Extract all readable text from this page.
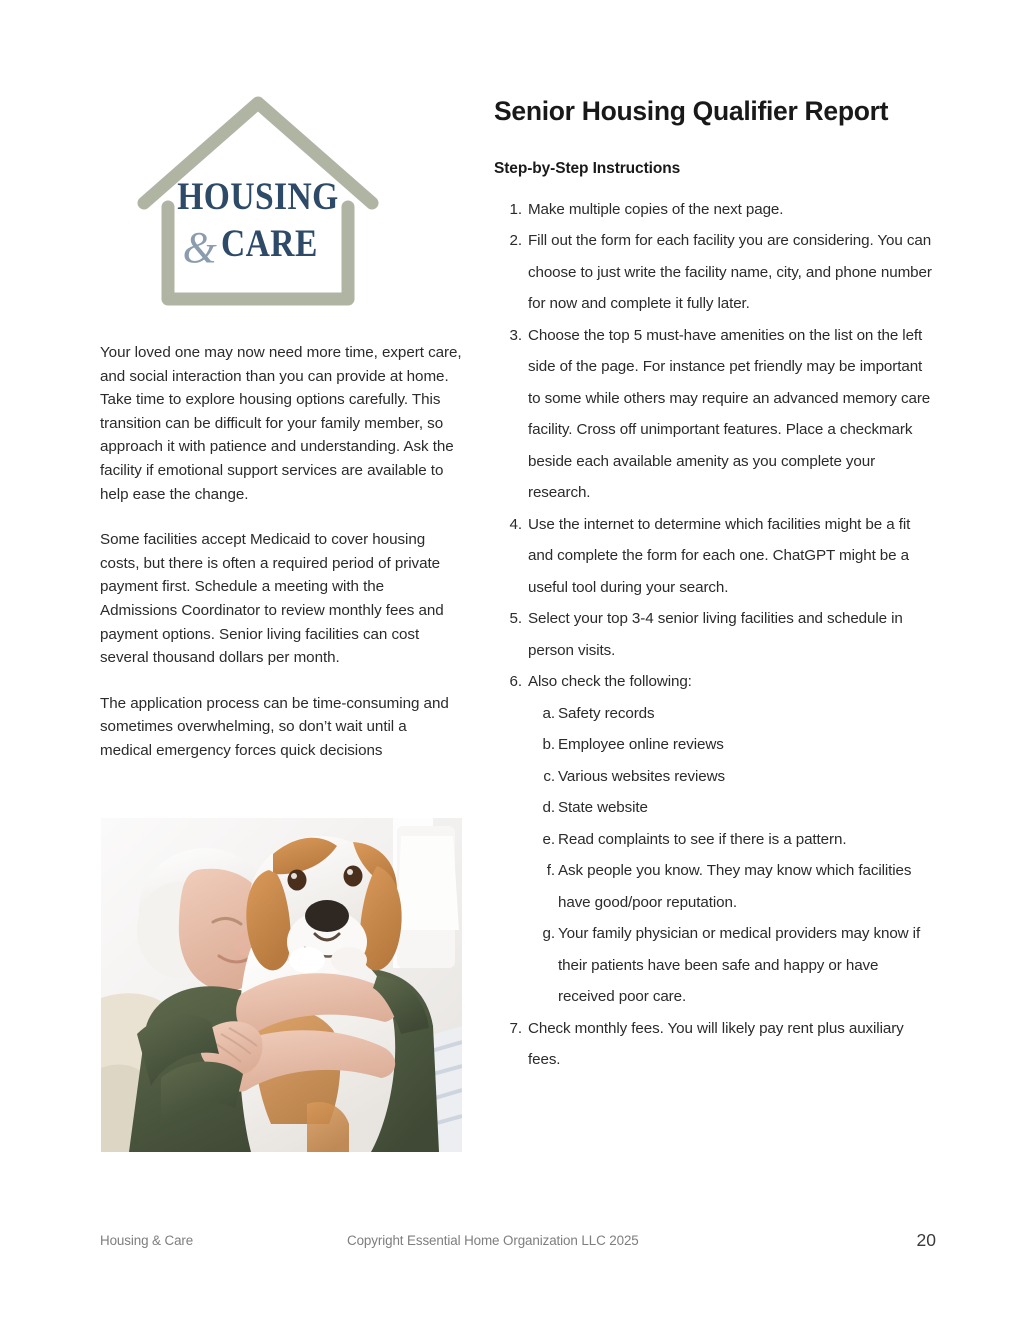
HOUSING
& CARE

Your loved one may now need more time, expert care, and social interaction than you can provide at home. Take time to explore housing options carefully. This transition can be difficult for your family member, so approach it with patience and understanding. Ask the facility if emotional support services are available to help ease the change.

Some facilities accept Medicaid to cover housing costs, but there is often a required period of private payment first. Schedule a meeting with the Admissions Coordinator to review monthly fees and payment options. Senior living facilities can cost several thousand dollars per month.

The application process can be time-consuming and sometimes overwhelming, so don’t wait until a medical emergency forces quick decisions

Senior Housing Qualifier Report
Step-by-Step Instructions
Make multiple copies of the next page.
Fill out the form for each facility you are considering. You can choose to just write the facility name, city, and phone number for now and complete it fully later.
Choose the top 5 must-have amenities on the list on the left side of the page. For instance pet friendly may be important to some while others may require an advanced memory care facility. Cross off unimportant features. Place a checkmark beside each available amenity as you complete your research.
Use the internet to determine which facilities might be a fit and complete the form for each one. ChatGPT might be a useful tool during your search.
Select your top 3-4 senior living facilities and schedule in person visits.
Also check the following:
Safety records
Employee online reviews
Various websites reviews
State website
Read complaints to see if there is a pattern.
Ask people you know. They may know which facilities have good/poor reputation.
Your family physician or medical providers may know if their patients have been safe and happy or have received poor care.
Check monthly fees. You will likely pay rent plus auxiliary fees.
Housing & Care	Copyright Essential Home Organization LLC 2025	20
